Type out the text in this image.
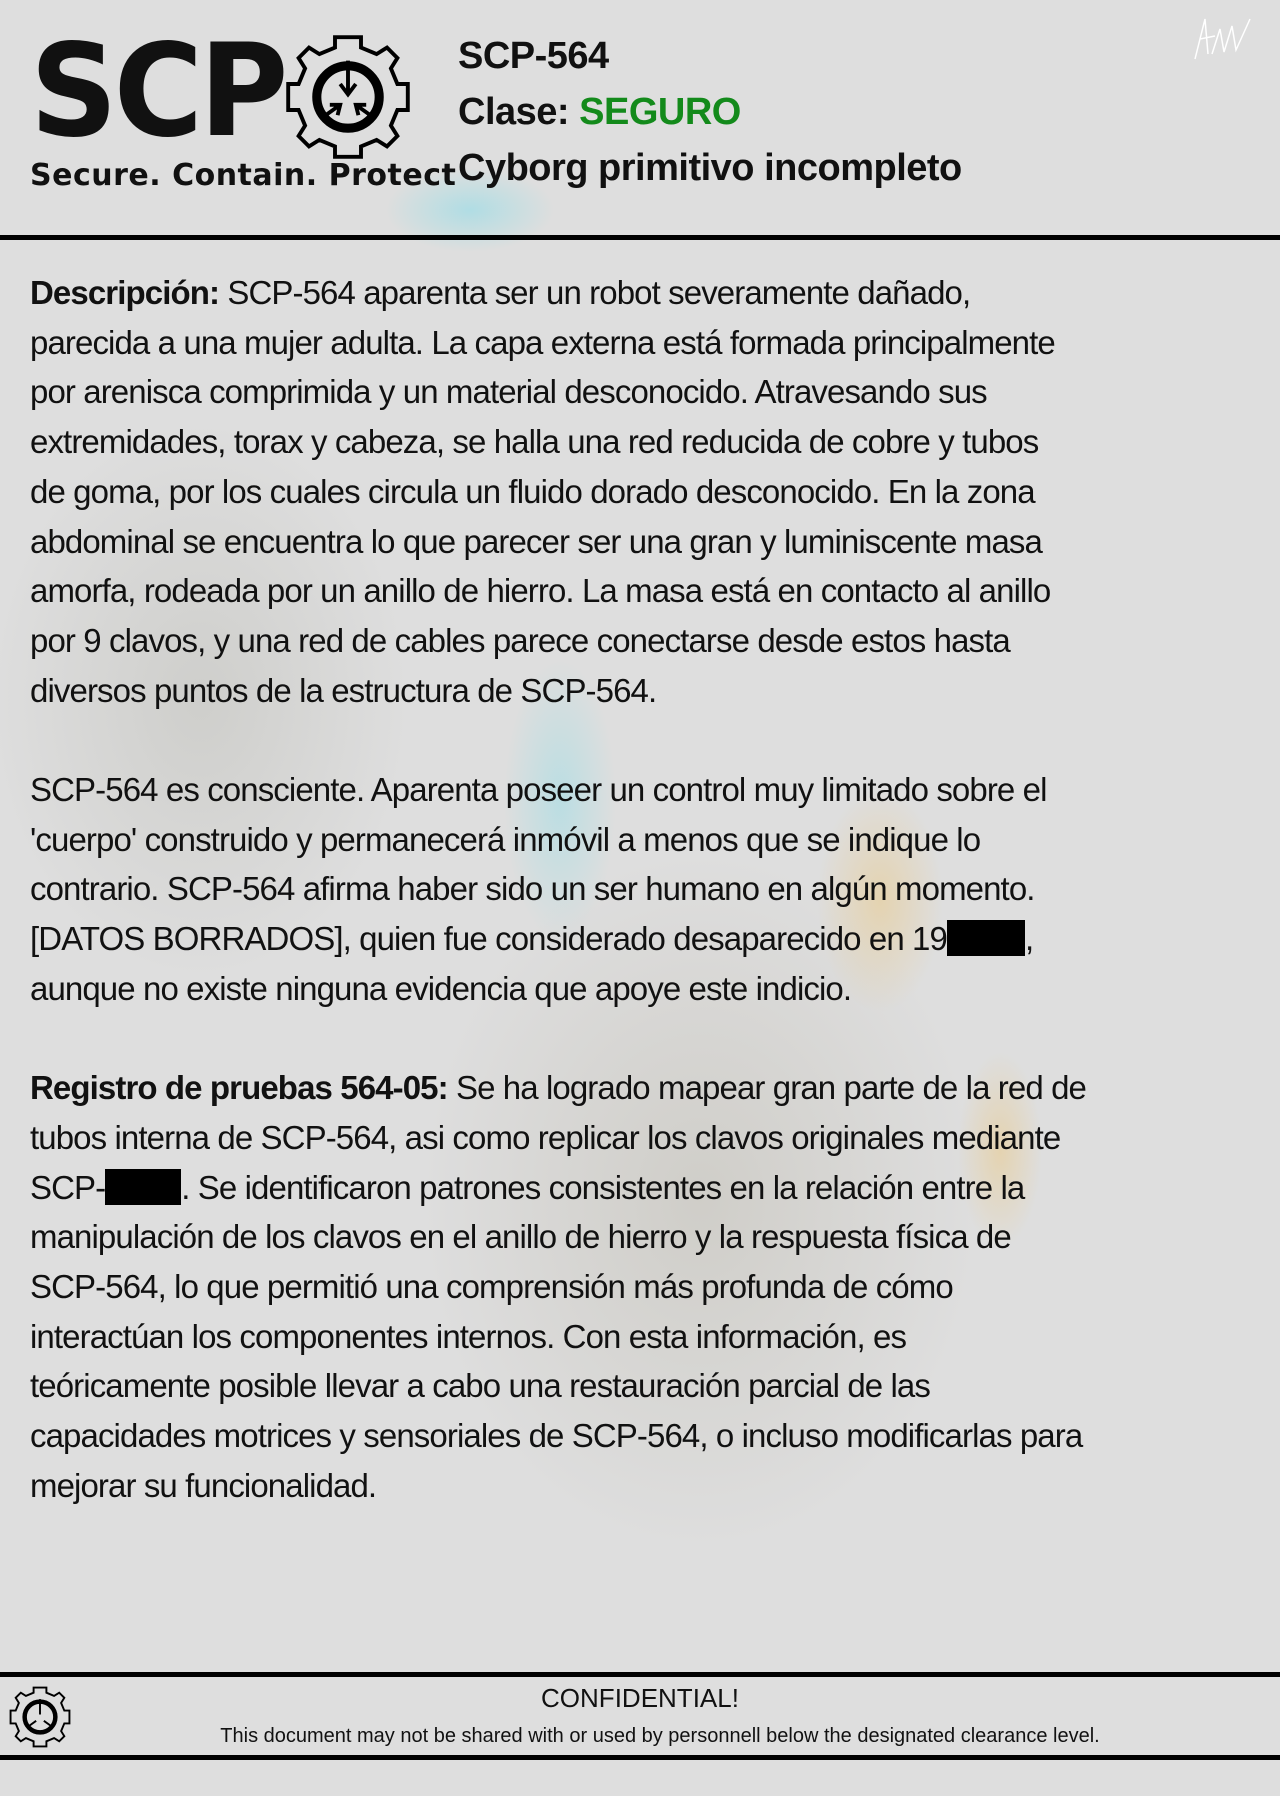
SCP
Secure. Contain. Protect
SCP-564
Clase: SEGURO
Cyborg primitivo incompleto
Descripción: SCP-564 aparenta ser un robot severamente dañado,
parecida a una mujer adulta. La capa externa está formada principalmente
por arenisca comprimida y un material desconocido. Atravesando sus
extremidades, torax y cabeza, se halla una red reducida de cobre y tubos
de goma, por los cuales circula un fluido dorado desconocido. En la zona
abdominal se encuentra lo que parecer ser una gran y luminiscente masa
amorfa, rodeada por un anillo de hierro. La masa está en contacto al anillo
por 9 clavos, y una red de cables parece conectarse desde estos hasta
diversos puntos de la estructura de SCP-564.
SCP-564 es consciente. Aparenta poseer un control muy limitado sobre el
'cuerpo' construido y permanecerá inmóvil a menos que se indique lo
contrario. SCP-564 afirma haber sido un ser humano en algún momento.
[DATOS BORRADOS], quien fue considerado desaparecido en 19 ,
aunque no existe ninguna evidencia que apoye este indicio.
Registro de pruebas 564-05: Se ha logrado mapear gran parte de la red de
tubos interna de SCP-564, asi como replicar los clavos originales mediante
SCP- . Se identificaron patrones consistentes en la relación entre la
manipulación de los clavos en el anillo de hierro y la respuesta física de
SCP-564, lo que permitió una comprensión más profunda de cómo
interactúan los componentes internos. Con esta información, es
teóricamente posible llevar a cabo una restauración parcial de las
capacidades motrices y sensoriales de SCP-564, o incluso modificarlas para
mejorar su funcionalidad.
CONFIDENTIAL!
This document may not be shared with or used by personnell below the designated clearance level.
